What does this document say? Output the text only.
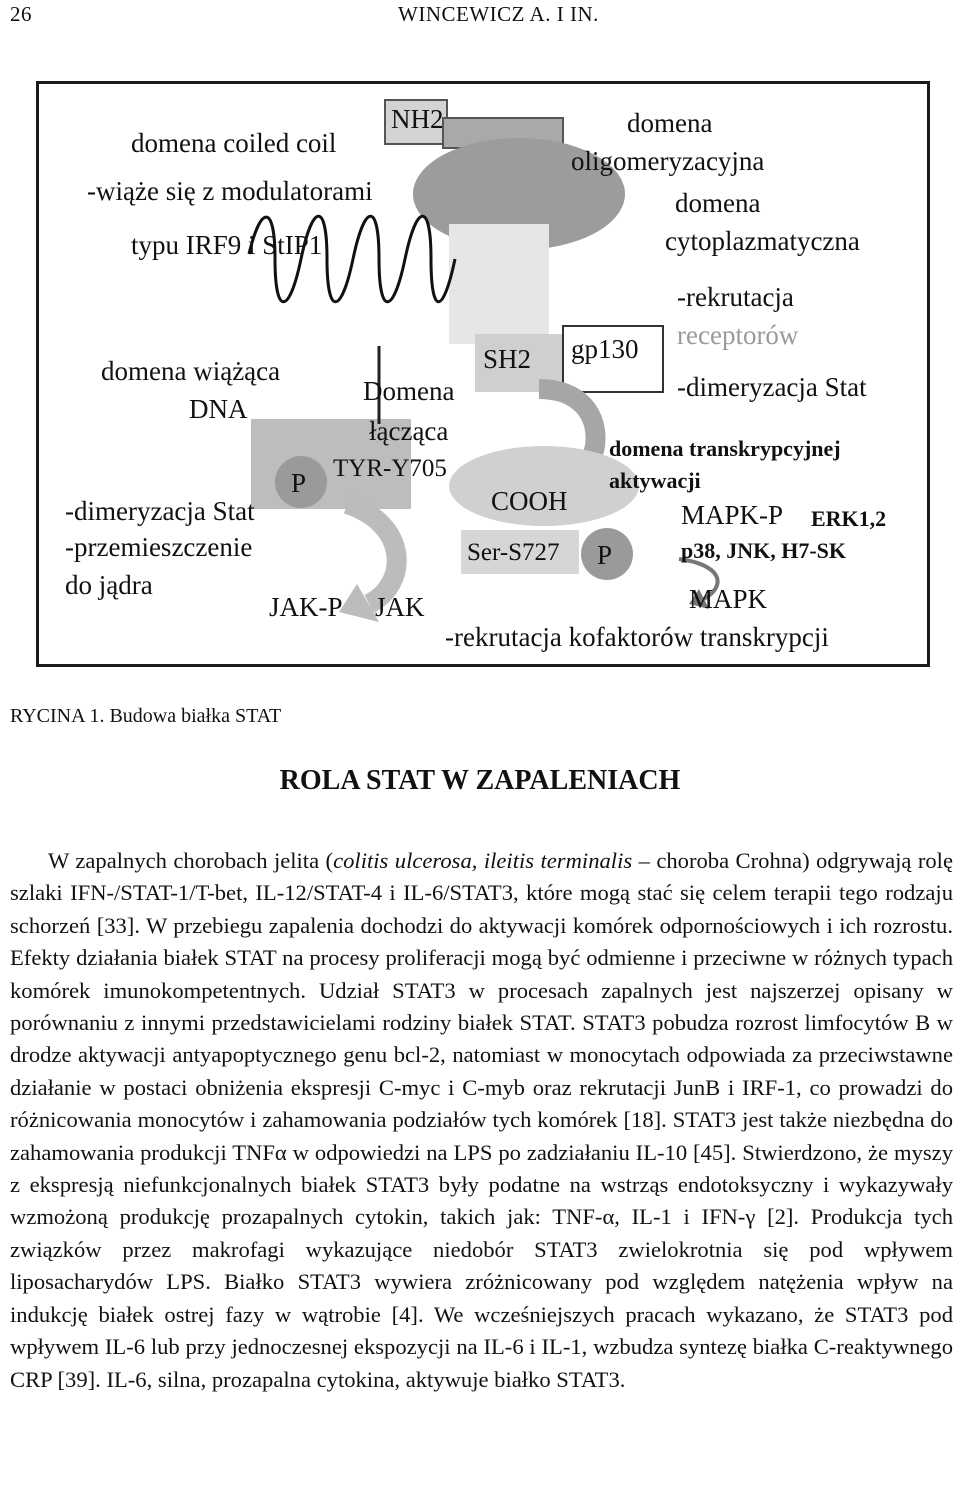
26	WINCEWICZ A. I IN.
NH2
domena coiled coil
-wiąże się z modulatorami
typu IRF9 i StIP1
domena
oligomeryzacyjna
domena
cytoplazmatyczna
-rekrutacja
receptorów
-dimeryzacja Stat
SH2 gp130
domena wiążąca
DNA
Domena
łącząca
TYR-Y705
P
COOH
Ser-S727 P
domena transkrypcyjnej
aktywacji
MAPK-P ERK1,2
p38, JNK, H7-SK
MAPK
-dimeryzacja Stat
-przemieszczenie
do jądra
JAK-P JAK
-rekrutacja kofaktorów transkrypcji
RYCINA 1. Budowa białka STAT
ROLA STAT W ZAPALENIACH

W zapalnych chorobach jelita (colitis ulcerosa, ileitis terminalis – choroba Crohna) odgrywają rolę szlaki IFN-/STAT-1/T-bet, IL-12/STAT-4 i IL-6/STAT3, które mogą stać się celem terapii tego rodzaju schorzeń [33]. W przebiegu zapalenia dochodzi do aktywacji komórek odpornościowych i ich rozrostu. Efekty działania białek STAT na procesy proliferacji mogą być odmienne i przeciwne w różnych typach komórek imunokompetentnych. Udział STAT3 w procesach zapalnych jest najszerzej opisany w porównaniu z innymi przedstawicielami rodziny białek STAT. STAT3 pobudza rozrost limfocytów B w drodze aktywacji antyapoptycznego genu bcl-2, natomiast w monocytach odpowiada za przeciwstawne działanie w postaci obniżenia ekspresji C-myc i C-myb oraz rekrutacji JunB i IRF-1, co prowadzi do różnicowania monocytów i zahamowania podziałów tych komórek [18]. STAT3 jest także niezbędna do zahamowania produkcji TNFα w odpowiedzi na LPS po zadziałaniu IL-10 [45]. Stwierdzono, że myszy z ekspresją niefunkcjonalnych białek STAT3 były podatne na wstrząs endotoksyczny i wykazywały wzmożoną produkcję prozapalnych cytokin, takich jak: TNF-α, IL-1 i IFN-γ [2]. Produkcja tych związków przez makrofagi wykazujące niedobór STAT3 zwielokrotnia się pod wpływem liposacharydów LPS. Białko STAT3 wywiera zróżnicowany pod względem natężenia wpływ na indukcję białek ostrej fazy w wątrobie [4]. We wcześniejszych pracach wykazano, że STAT3 pod wpływem IL-6 lub przy jednoczesnej ekspozycji na IL-6 i IL-1, wzbudza syntezę białka C-reaktywnego CRP [39]. IL-6, silna, prozapalna cytokina, aktywuje białko STAT3.
